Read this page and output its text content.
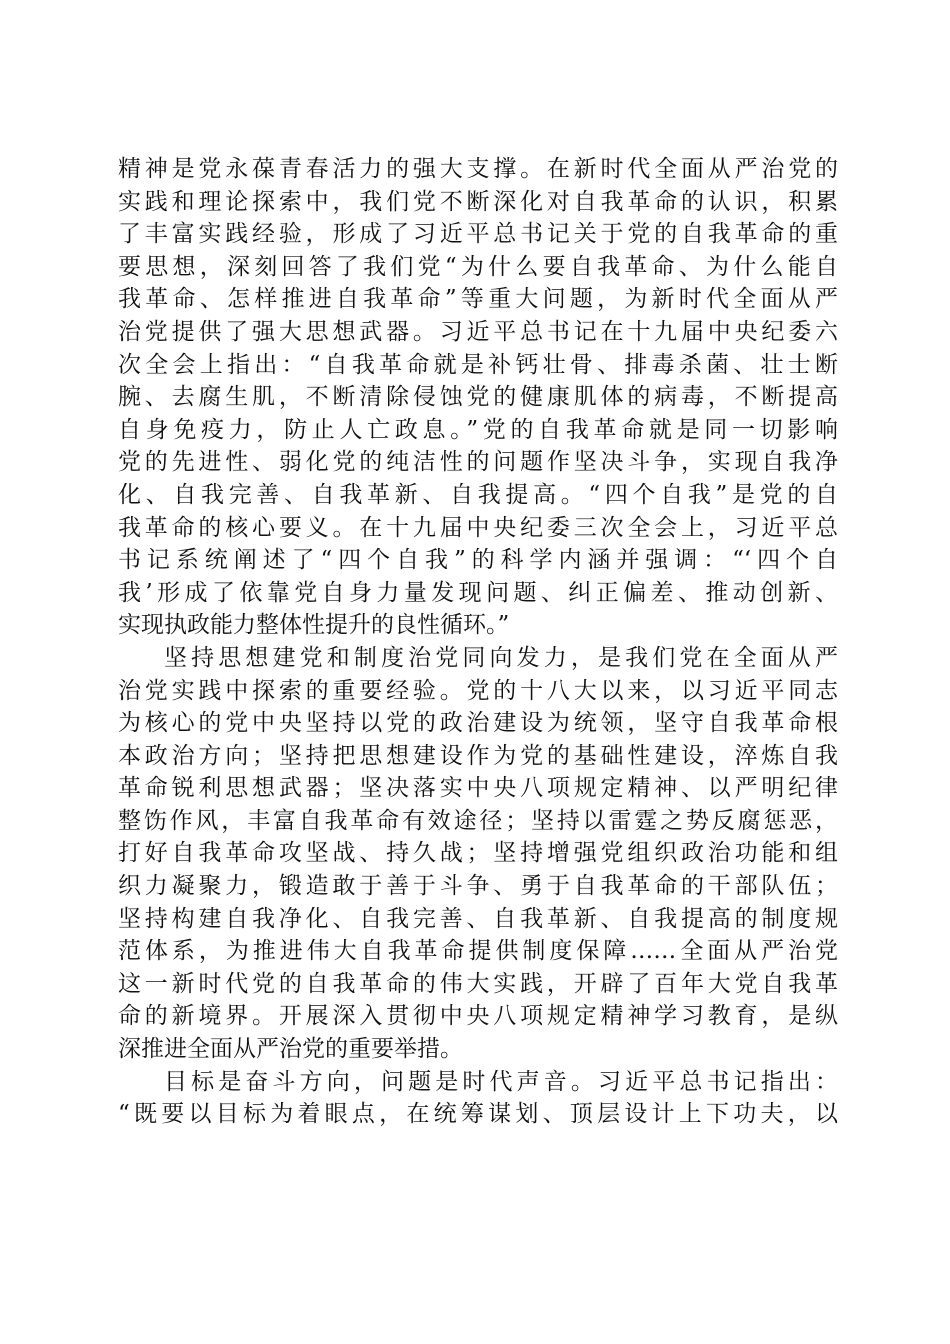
精神是党永葆青春活力的强大支撑。在新时代全面从严治党的
实践和理论探索中，我们党不断深化对自我革命的认识，积累
了丰富实践经验，形成了习近平总书记关于党的自我革命的重
要思想，深刻回答了我们党“为什么要自我革命、为什么能自
我革命、怎样推进自我革命”等重大问题，为新时代全面从严
治党提供了强大思想武器。习近平总书记在十九届中央纪委六
次全会上指出：“自我革命就是补钙壮骨、排毒杀菌、壮士断
腕、去腐生肌，不断清除侵蚀党的健康肌体的病毒，不断提高
自身免疫力，防止人亡政息。”党的自我革命就是同一切影响
党的先进性、弱化党的纯洁性的问题作坚决斗争，实现自我净
化、自我完善、自我革新、自我提高。“四个自我”是党的自
我革命的核心要义。在十九届中央纪委三次全会上，习近平总
书记系统阐述了“四个自我”的科学内涵并强调：“‘四个自
我’形成了依靠党自身力量发现问题、纠正偏差、推动创新、
实现执政能力整体性提升的良性循环。”
坚持思想建党和制度治党同向发力，是我们党在全面从严
治党实践中探索的重要经验。党的十八大以来，以习近平同志
为核心的党中央坚持以党的政治建设为统领，坚守自我革命根
本政治方向；坚持把思想建设作为党的基础性建设，淬炼自我
革命锐利思想武器；坚决落实中央八项规定精神、以严明纪律
整饬作风，丰富自我革命有效途径；坚持以雷霆之势反腐惩恶，
打好自我革命攻坚战、持久战；坚持增强党组织政治功能和组
织力凝聚力，锻造敢于善于斗争、勇于自我革命的干部队伍；
坚持构建自我净化、自我完善、自我革新、自我提高的制度规
范体系，为推进伟大自我革命提供制度保障……全面从严治党
这一新时代党的自我革命的伟大实践，开辟了百年大党自我革
命的新境界。开展深入贯彻中央八项规定精神学习教育，是纵
深推进全面从严治党的重要举措。
目标是奋斗方向，问题是时代声音。习近平总书记指出：
“既要以目标为着眼点，在统筹谋划、顶层设计上下功夫，以
